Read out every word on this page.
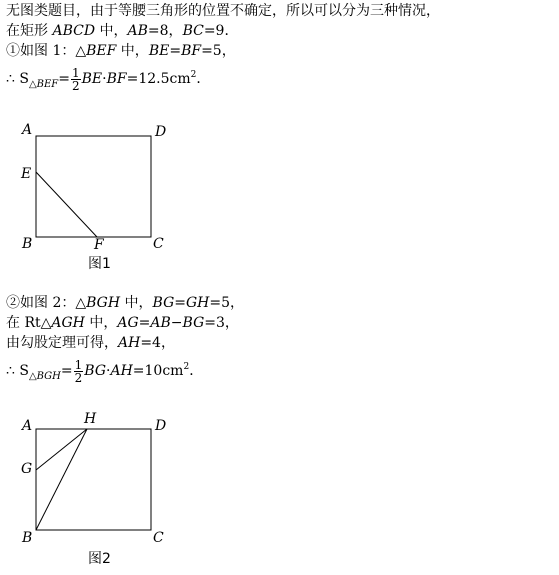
无图类题目，由于等腰三角形的位置不确定，所以可以分为三种情况，
在矩形 ABCD 中，AB=8，BC=9．
①如图 1：△BEF 中，BE=BF=5，
∴ $S_{\triangle BEF}= \frac{1}{2} BE\cdot BF=12.5cm^2$．
A	D
E
B	F	C
图1
A	H	D
G
B	C
图2
②如图 2：△BGH 中，BG=GH=5，
在 Rt△AGH 中，AG=AB−BG=3，
由勾股定理可得，AH=4，
∴ $S_{\triangle BGH}= \frac{1}{2} BG\cdot AH=10cm^2$．
